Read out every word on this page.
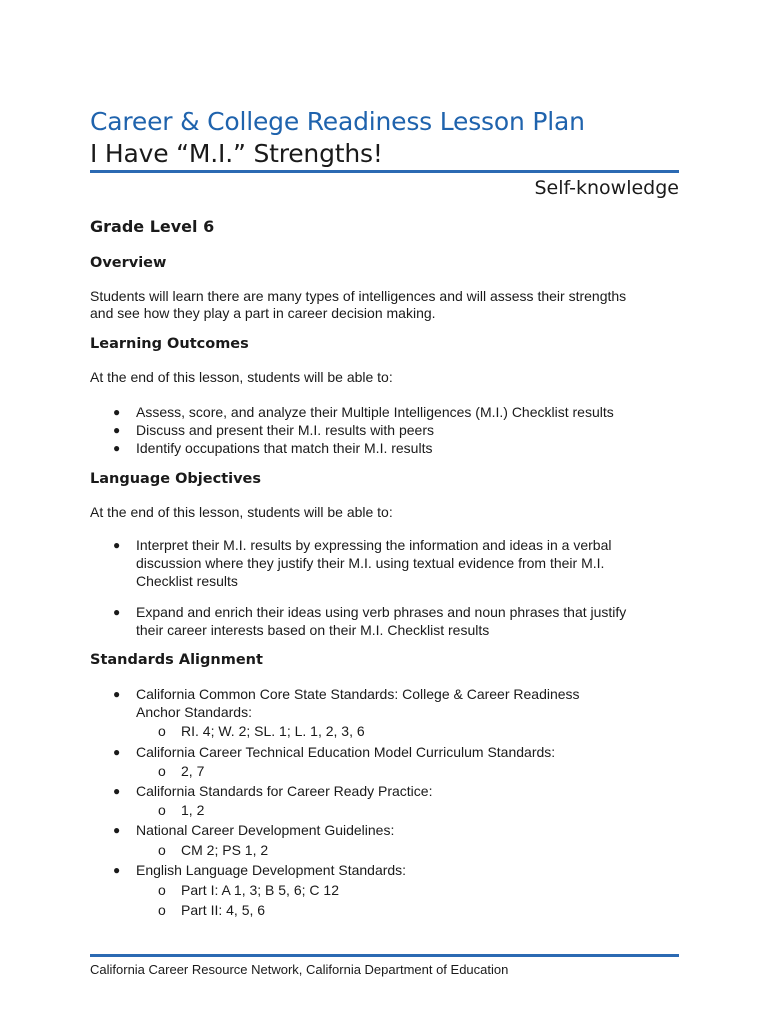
Career & College Readiness Lesson Plan
I Have “M.I.” Strengths!
Self-knowledge
Grade Level 6
Overview
Students will learn there are many types of intelligences and will assess their strengths
and see how they play a part in career decision making.
Learning Outcomes
At the end of this lesson, students will be able to:
● Assess, score, and analyze their Multiple Intelligences (M.I.) Checklist results
● Discuss and present their M.I. results with peers
● Identify occupations that match their M.I. results
Language Objectives
At the end of this lesson, students will be able to:
● Interpret their M.I. results by expressing the information and ideas in a verbal
discussion where they justify their M.I. using textual evidence from their M.I.
Checklist results
● Expand and enrich their ideas using verb phrases and noun phrases that justify
their career interests based on their M.I. Checklist results
Standards Alignment
● California Common Core State Standards: College & Career Readiness
Anchor Standards:
o RI. 4; W. 2; SL. 1; L. 1, 2, 3, 6
● California Career Technical Education Model Curriculum Standards:
o 2, 7
● California Standards for Career Ready Practice:
o 1, 2
● National Career Development Guidelines:
o CM 2; PS 1, 2
● English Language Development Standards:
o Part I: A 1, 3; B 5, 6; C 12
o Part II: 4, 5, 6
California Career Resource Network, California Department of Education
